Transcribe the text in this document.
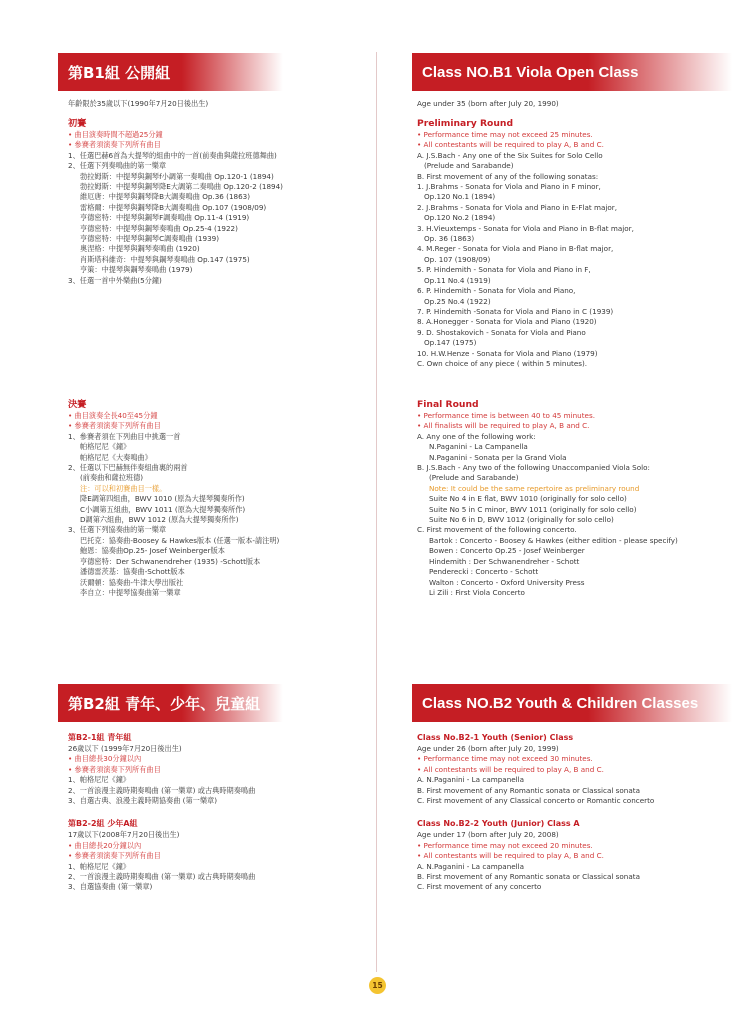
第B1組 公開組
年齡限於35歲以下(1990年7月20日後出生)
初賽
• 曲目演奏時間不超過25分鐘
• 參賽者須演奏下列所有曲目
1、任選巴赫6首為大提琴的組曲中的一首(前奏曲與薩拉班德舞曲)
2、任選下列奏鳴曲的第一樂章
勃拉姆斯：中提琴與鋼琴f小調第一奏鳴曲 Op.120-1 (1894)
勃拉姆斯：中提琴與鋼琴降E大調第二奏鳴曲 Op.120-2 (1894)
維厄唐：中提琴與鋼琴降B大調奏鳴曲 Op.36 (1863)
雷格爾：中提琴與鋼琴降B大調奏鳴曲 Op.107 (1908/09)
亨德密特：中提琴與鋼琴F調奏鳴曲 Op.11-4 (1919)
亨德密特：中提琴與鋼琴奏鳴曲 Op.25-4 (1922)
亨德密特：中提琴與鋼琴C調奏鳴曲 (1939)
奧涅格：中提琴與鋼琴奏鳴曲 (1920)
肖斯塔科維奇：中提琴與鋼琴奏鳴曲 Op.147 (1975)
亨策：中提琴與鋼琴奏鳴曲 (1979)
3、任選一首中外樂曲(5分鐘)
決賽
• 曲目演奏全長40至45分鐘
• 參賽者須演奏下列所有曲目
1、參賽者須在下列曲目中挑選一首
帕格尼尼《鐘》
帕格尼尼《大奏鳴曲》
2、任選以下巴赫無伴奏組曲裏的兩首
(前奏曲和薩拉班德)
注：可以和初賽曲目一樣。
降E調第四組曲，BWV 1010 (原為大提琴獨奏所作)
C小調第五組曲，BWV 1011 (原為大提琴獨奏所作)
D調第六組曲，BWV 1012 (原為大提琴獨奏所作)
3、任選下列協奏曲的第一樂章
巴托克：協奏曲-Boosey & Hawkes版本 (任選一版本-請注明)
鮑恩：協奏曲Op.25- Josef Weinberger版本
亨德密特：Der Schwanendreher (1935) -Schott版本
潘德雷茨基：協奏曲-Schott版本
沃爾頓：協奏曲-牛津大學出版社
李自立：中提琴協奏曲第一樂章
第B2組 青年、少年、兒童組
第B2-1組 青年組
26歲以下 (1999年7月20日後出生)
• 曲目總長30分鐘以內
• 參賽者須演奏下列所有曲目
1、帕格尼尼《鐘》
2、一首浪漫主義時期奏鳴曲 (第一樂章) 或古典時期奏鳴曲
3、自選古典、浪漫主義時期協奏曲 (第一樂章)
第B2-2組 少年A組
17歲以下(2008年7月20日後出生)
• 曲目總長20分鐘以內
• 參賽者須演奏下列所有曲目
1、帕格尼尼《鐘》
2、一首浪漫主義時期奏鳴曲 (第一樂章) 或古典時期奏鳴曲
3、自選協奏曲 (第一樂章)
Class NO.B1 Viola Open Class
Age under 35 (born after July 20, 1990)
Preliminary Round
• Performance time may not exceed 25 minutes.
• All contestants will be required to play A, B and C.
A. J.S.Bach - Any one of the Six Suites for Solo Cello
(Prelude and Sarabande)
B. First movement of any of the following sonatas:
1. J.Brahms - Sonata for Viola and Piano in F minor,
Op.120 No.1 (1894)
2. J.Brahms - Sonata for Viola and Piano in E-Flat major,
Op.120 No.2 (1894)
3. H.Vieuxtemps - Sonata for Viola and Piano in B-flat major,
Op. 36 (1863)
4. M.Reger - Sonata for Viola and Piano in B-flat major,
Op. 107 (1908/09)
5. P. Hindemith - Sonata for Viola and Piano in F,
Op.11 No.4 (1919)
6. P. Hindemith - Sonata for Viola and Piano,
Op.25 No.4 (1922)
7. P. Hindemith -Sonata for Viola and Piano in C (1939)
8. A.Honegger - Sonata for Viola and Piano (1920)
9. D. Shostakovich - Sonata for Viola and Piano
Op.147 (1975)
10. H.W.Henze - Sonata for Viola and Piano (1979)
C. Own choice of any piece ( within 5 minutes).
Final Round
• Performance time is between 40 to 45 minutes.
• All finalists will be required to play A, B and C.
A. Any one of the following work:
N.Paganini - La Campanella
N.Paganini - Sonata per la Grand Viola
B. J.S.Bach - Any two of the following Unaccompanied Viola Solo:
(Prelude and Sarabande)
Note: It could be the same repertoire as preliminary round
Suite No 4 in E flat, BWV 1010 (originally for solo cello)
Suite No 5 in C minor, BWV 1011 (originally for solo cello)
Suite No 6 in D, BWV 1012 (originally for solo cello)
C. First movement of the following concerto.
Bartok : Concerto - Boosey & Hawkes (either edition - please specify)
Bowen : Concerto Op.25 - Josef Weinberger
Hindemith : Der Schwanendreher - Schott
Penderecki : Concerto - Schott
Walton : Concerto - Oxford University Press
Li Zili : First Viola Concerto
Class NO.B2 Youth & Children Classes
Class No.B2-1 Youth (Senior) Class
Age under 26 (born after July 20, 1999)
• Performance time may not exceed 30 minutes.
• All contestants will be required to play A, B and C.
A. N.Paganini - La campanella
B. First movement of any Romantic sonata or Classical sonata
C. First movement of any Classical concerto or Romantic concerto
Class No.B2-2 Youth (Junior) Class A
Age under 17 (born after July 20, 2008)
• Performance time may not exceed 20 minutes.
• All contestants will be required to play A, B and C.
A. N.Paganini - La campanella
B. First movement of any Romantic sonata or Classical sonata
C. First movement of any concerto
15
